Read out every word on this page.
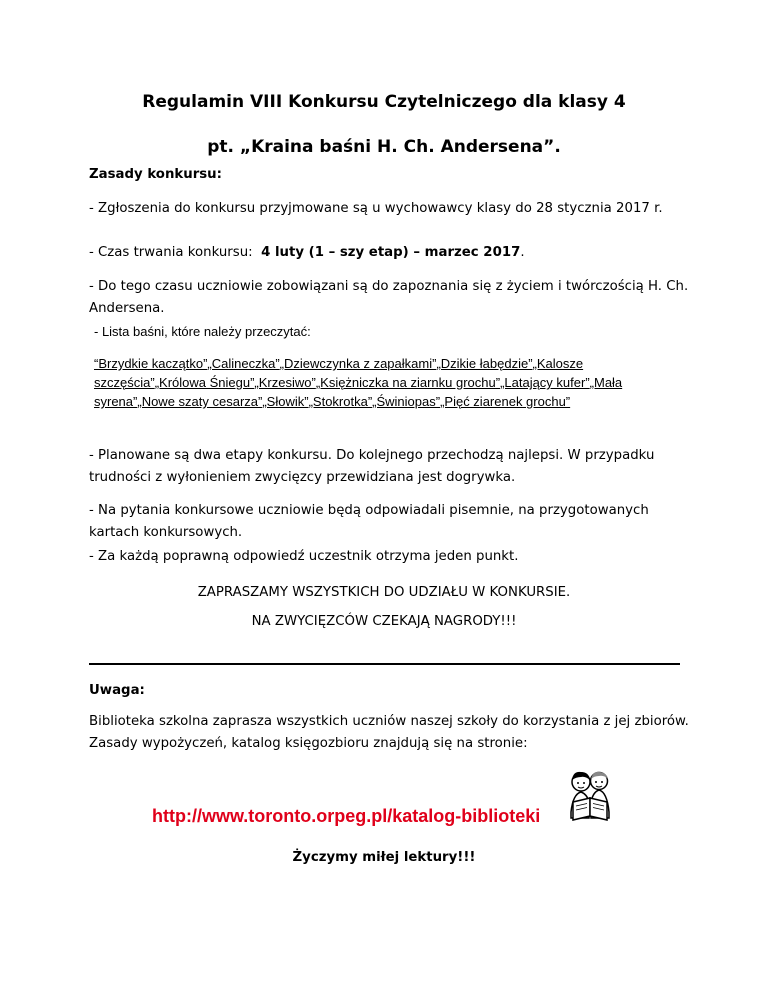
Regulamin VIII Konkursu Czytelniczego dla klasy 4
pt. „Kraina baśni H. Ch. Andersena”.
Zasady konkursu:
- Zgłoszenia do konkursu przyjmowane są u wychowawcy klasy do 28 stycznia 2017 r.
- Czas trwania konkursu:  4 luty (1 – szy etap) – marzec 2017.
- Do tego czasu uczniowie zobowiązani są do zapoznania się z życiem i twórczością H. Ch. Andersena.
- Lista baśni, które należy przeczytać:
“Brzydkie kaczątko”„Calineczka”„Dziewczynka z zapałkami”„Dzikie łabędzie”„Kalosze szczęścia”„Królowa Śniegu”„Krzesiwo”„Księżniczka na ziarnku grochu”„Latający kufer”„Mała syrena”„Nowe szaty cesarza”„Słowik”„Stokrotka”„Świniopas”„Pięć ziarenek grochu”
- Planowane są dwa etapy konkursu. Do kolejnego przechodzą najlepsi. W przypadku trudności z wyłonieniem zwycięzcy przewidziana jest dogrywka.
- Na pytania konkursowe uczniowie będą odpowiadali pisemnie, na przygotowanych kartach konkursowych.
- Za każdą poprawną odpowiedź uczestnik otrzyma jeden punkt.
ZAPRASZAMY WSZYSTKICH DO UDZIAŁU W KONKURSIE.
NA ZWYCIĘZCÓW CZEKAJĄ NAGRODY!!!
Uwaga:
Biblioteka szkolna zaprasza wszystkich uczniów naszej szkoły do korzystania z jej zbiorów. Zasady wypożyczeń, katalog księgozbioru znajdują się na stronie:
http://www.toronto.orpeg.pl/katalog-biblioteki
Życzymy miłej lektury!!!
